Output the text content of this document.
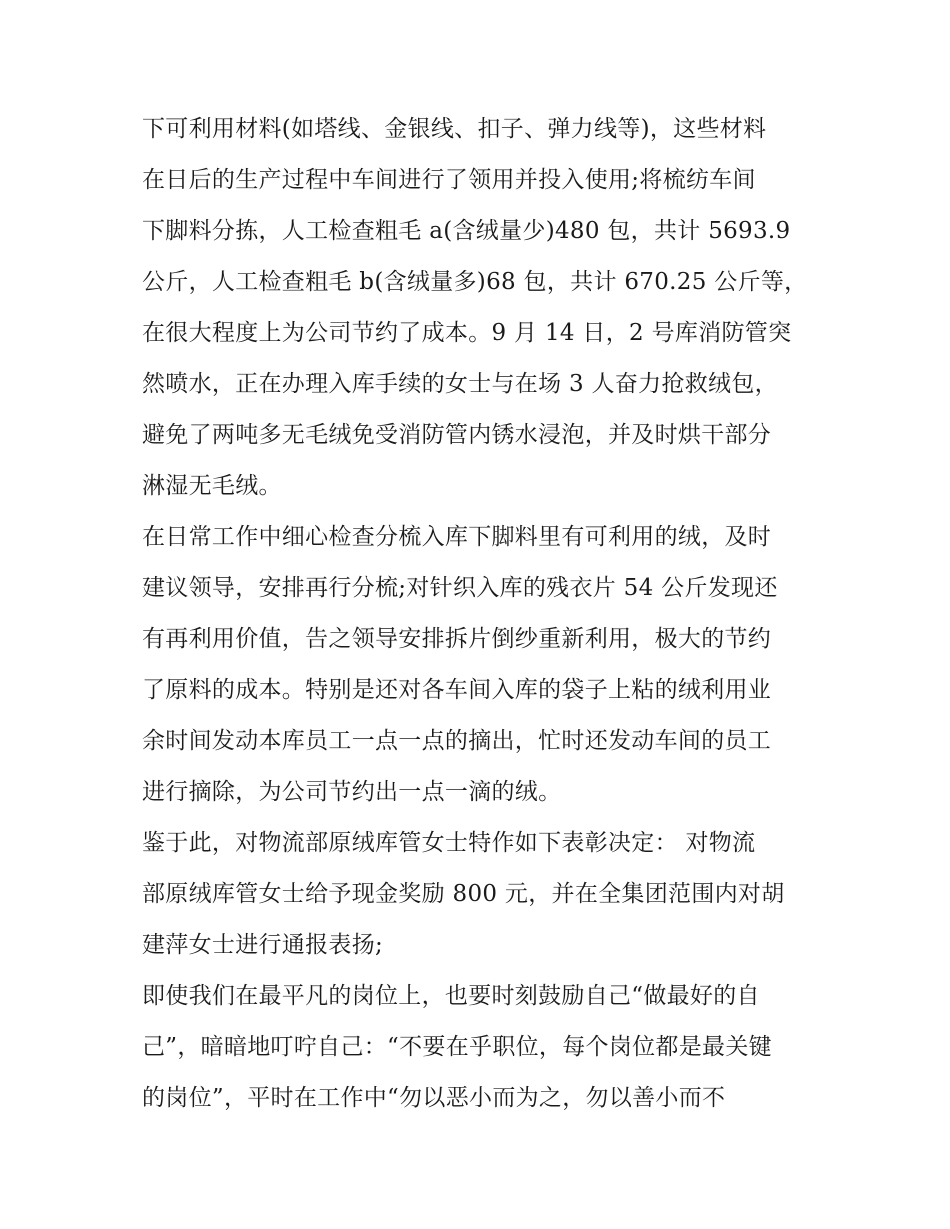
下可利用材料(如塔线、金银线、扣子、弹力线等)，这些材料
在日后的生产过程中车间进行了领用并投入使用;将梳纺车间
下脚料分拣，人工检查粗毛 a(含绒量少)480 包，共计 5693.9
公斤，人工检查粗毛 b(含绒量多)68 包，共计 670.25 公斤等，
在很大程度上为公司节约了成本。9 月 14 日，2 号库消防管突
然喷水，正在办理入库手续的女士与在场 3 人奋力抢救绒包，
避免了两吨多无毛绒免受消防管内锈水浸泡，并及时烘干部分
淋湿无毛绒。
在日常工作中细心检查分梳入库下脚料里有可利用的绒，及时
建议领导，安排再行分梳;对针织入库的残衣片 54 公斤发现还
有再利用价值，告之领导安排拆片倒纱重新利用，极大的节约
了原料的成本。特别是还对各车间入库的袋子上粘的绒利用业
余时间发动本库员工一点一点的摘出，忙时还发动车间的员工
进行摘除，为公司节约出一点一滴的绒。
鉴于此，对物流部原绒库管女士特作如下表彰决定： 对物流
部原绒库管女士给予现金奖励 800 元，并在全集团范围内对胡
建萍女士进行通报表扬;
即使我们在最平凡的岗位上，也要时刻鼓励自己“做最好的自
己”，暗暗地叮咛自己：“不要在乎职位，每个岗位都是最关键
的岗位”，平时在工作中“勿以恶小而为之，勿以善小而不
